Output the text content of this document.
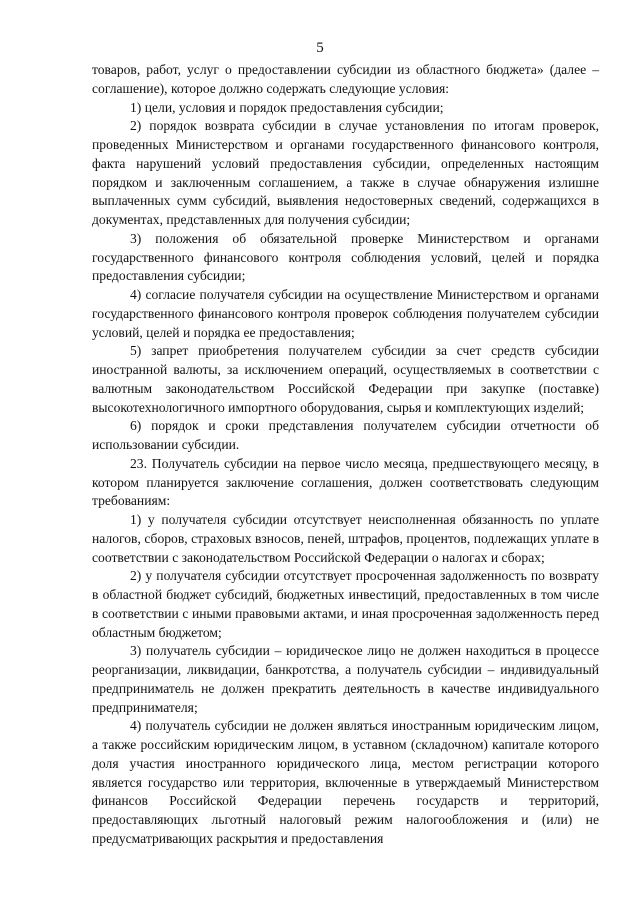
5

товаров, работ, услуг о предоставлении субсидии из областного бюджета» (далее – соглашение), которое должно содержать следующие условия:

1) цели, условия и порядок предоставления субсидии;

2) порядок возврата субсидии в случае установления по итогам проверок, проведенных Министерством и органами государственного финансового контроля, факта нарушений условий предоставления субсидии, определенных настоящим порядком и заключенным соглашением, а также в случае обнаружения излишне выплаченных сумм субсидий, выявления недостоверных сведений, содержащихся в документах, представленных для получения субсидии;

3) положения об обязательной проверке Министерством и органами государственного финансового контроля соблюдения условий, целей и порядка предоставления субсидии;

4) согласие получателя субсидии на осуществление Министерством и органами государственного финансового контроля проверок соблюдения получателем субсидии условий, целей и порядка ее предоставления;

5) запрет приобретения получателем субсидии за счет средств субсидии иностранной валюты, за исключением операций, осуществляемых в соответствии с валютным законодательством Российской Федерации при закупке (поставке) высокотехнологичного импортного оборудования, сырья и комплектующих изделий;

6) порядок и сроки представления получателем субсидии отчетности об использовании субсидии.

23. Получатель субсидии на первое число месяца, предшествующего месяцу, в котором планируется заключение соглашения, должен соответствовать следующим требованиям:

1) у получателя субсидии отсутствует неисполненная обязанность по уплате налогов, сборов, страховых взносов, пеней, штрафов, процентов, подлежащих уплате в соответствии с законодательством Российской Федерации о налогах и сборах;

2) у получателя субсидии отсутствует просроченная задолженность по возврату в областной бюджет субсидий, бюджетных инвестиций, предоставленных в том числе в соответствии с иными правовыми актами, и иная просроченная задолженность перед областным бюджетом;

3) получатель субсидии – юридическое лицо не должен находиться в процессе реорганизации, ликвидации, банкротства, а получатель субсидии – индивидуальный предприниматель не должен прекратить деятельность в качестве индивидуального предпринимателя;

4) получатель субсидии не должен являться иностранным юридическим лицом, а также российским юридическим лицом, в уставном (складочном) капитале которого доля участия иностранного юридического лица, местом регистрации которого является государство или территория, включенные в утверждаемый Министерством финансов Российской Федерации перечень государств и территорий, предоставляющих льготный налоговый режим налогообложения и (или) не предусматривающих раскрытия и предоставления
